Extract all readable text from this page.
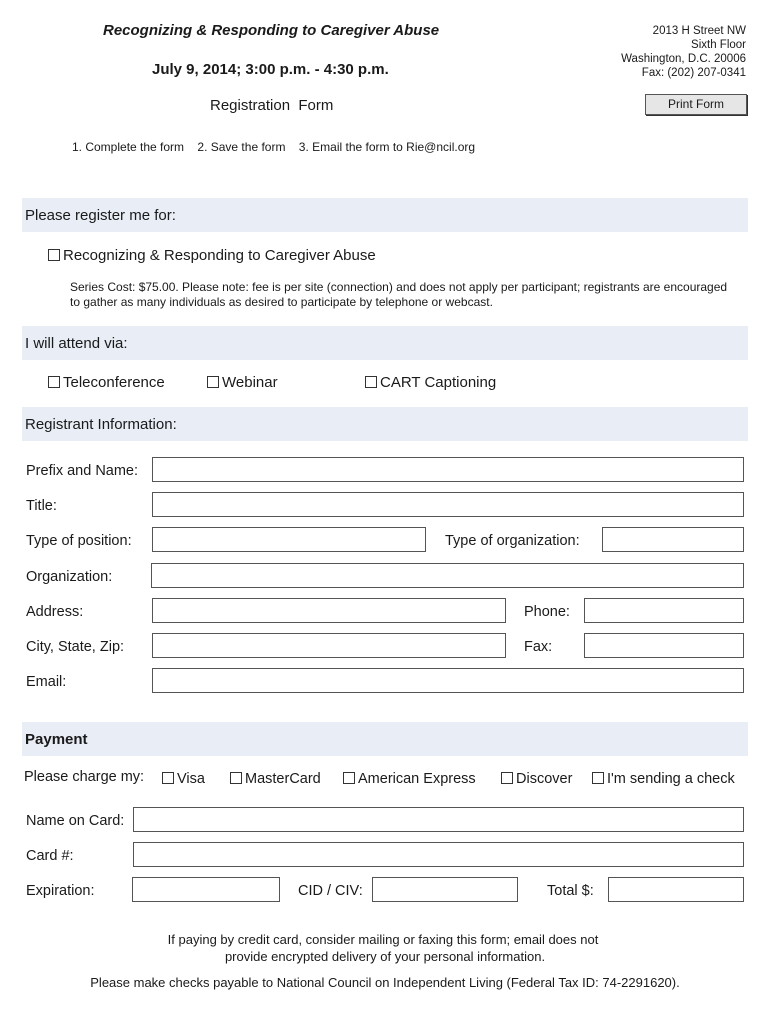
Recognizing & Responding to Caregiver Abuse
July 9, 2014; 3:00 p.m. - 4:30 p.m.
Registration  Form
1. Complete the form 2. Save the form 3. Email the form to Rie@ncil.org
2013 H Street NW
Sixth Floor
Washington, D.C. 20006
Fax: (202) 207-0341
Print Form
Please register me for:
Recognizing & Responding to Caregiver Abuse
Series Cost: $75.00. Please note: fee is per site (connection) and does not apply per participant; registrants are encouraged to gather as many individuals as desired to participate by telephone or webcast.
I will attend via:
Teleconference	Webinar	CART Captioning
Registrant Information:
Prefix and Name:
Title:
Type of position:	Type of organization:
Organization:
Address:	Phone:
City, State, Zip:	Fax:
Email:
Payment
Please charge my:	Visa	MasterCard	American Express	Discover	I'm sending a check
Name on Card:
Card #:
Expiration:	CID / CIV:	Total $:
If paying by credit card, consider mailing or faxing this form; email does not
provide encrypted delivery of your personal information.
Please make checks payable to National Council on Independent Living (Federal Tax ID: 74-2291620).
